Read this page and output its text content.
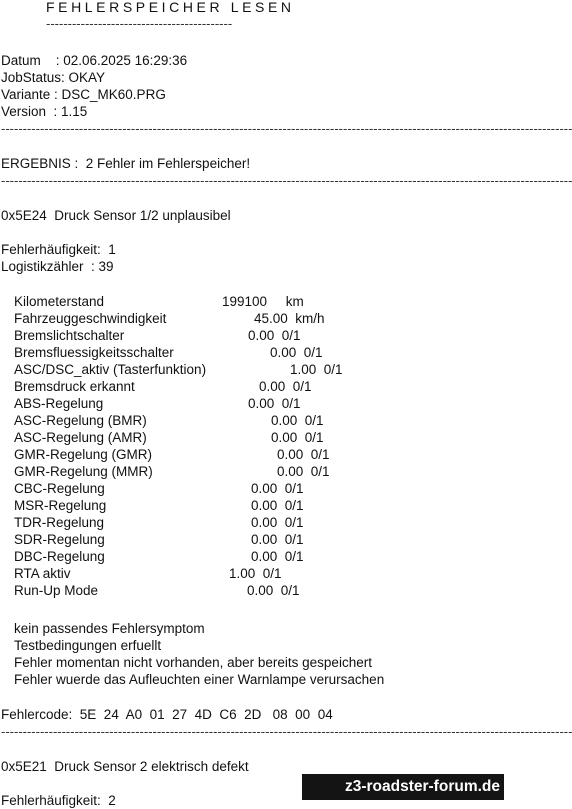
FEHLERSPEICHER LESEN
-------------------------------------------
Datum    : 02.06.2025 16:29:36
JobStatus: OKAY
Variante : DSC_MK60.PRG
Version  : 1.15
------------------------------------------------------------------------------------------------------------------------------------
ERGEBNIS :  2 Fehler im Fehlerspeicher!
------------------------------------------------------------------------------------------------------------------------------------
0x5E24  Druck Sensor 1/2 unplausibel
Fehlerhäufigkeit:  1
Logistikzähler  : 39
Kilometerstand	199100     km
Fahrzeuggeschwindigkeit	45.00  km/h
Bremslichtschalter	0.00  0/1
Bremsfluessigkeitsschalter	0.00  0/1
ASC/DSC_aktiv (Tasterfunktion)	1.00  0/1
Bremsdruck erkannt	0.00  0/1
ABS-Regelung	0.00  0/1
ASC-Regelung (BMR)	0.00  0/1
ASC-Regelung (AMR)	0.00  0/1
GMR-Regelung (GMR)	0.00  0/1
GMR-Regelung (MMR)	0.00  0/1
CBC-Regelung	0.00  0/1
MSR-Regelung	0.00  0/1
TDR-Regelung	0.00  0/1
SDR-Regelung	0.00  0/1
DBC-Regelung	0.00  0/1
RTA aktiv	1.00  0/1
Run-Up Mode	0.00  0/1
kein passendes Fehlersymptom
Testbedingungen erfuellt
Fehler momentan nicht vorhanden, aber bereits gespeichert
Fehler wuerde das Aufleuchten einer Warnlampe verursachen
Fehlercode:  5E  24  A0  01  27  4D  C6  2D   08  00  04
------------------------------------------------------------------------------------------------------------------------------------
0x5E21  Druck Sensor 2 elektrisch defekt
Fehlerhäufigkeit:  2
z3-roadster-forum.de
